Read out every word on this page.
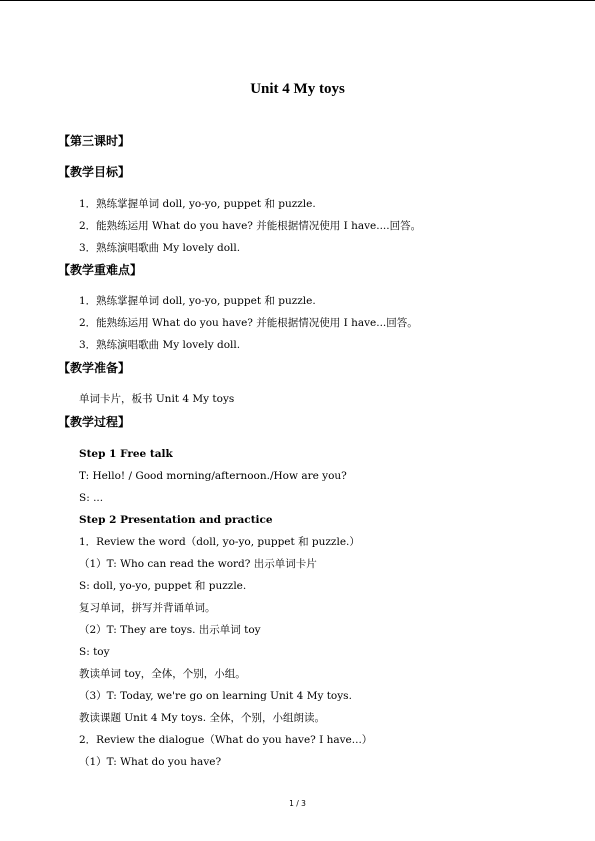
Unit 4 My toys
【第三课时】
【教学目标】
1．熟练掌握单词 doll, yo-yo, puppet 和 puzzle.
2．能熟练运用 What do you have? 并能根据情况使用 I have....回答。
3．熟练演唱歌曲 My lovely doll.
【教学重难点】
1．熟练掌握单词 doll, yo-yo, puppet 和 puzzle.
2．能熟练运用 What do you have? 并能根据情况使用 I have...回答。
3．熟练演唱歌曲 My lovely doll.
【教学准备】
单词卡片，板书 Unit 4 My toys
【教学过程】
Step 1 Free talk
T: Hello! / Good morning/afternoon./How are you?
S: ...
Step 2 Presentation and practice
1．Review the word（doll, yo-yo, puppet 和 puzzle.）
（1）T: Who can read the word? 出示单词卡片
S: doll, yo-yo, puppet 和 puzzle.
复习单词，拼写并背诵单词。
（2）T: They are toys. 出示单词 toy
S: toy
教读单词 toy，全体，个别，小组。
（3）T: Today, we're go on learning Unit 4 My toys.
教读课题 Unit 4 My toys. 全体，个别，小组朗读。
2．Review the dialogue（What do you have? I have...）
（1）T: What do you have?
1 / 3
